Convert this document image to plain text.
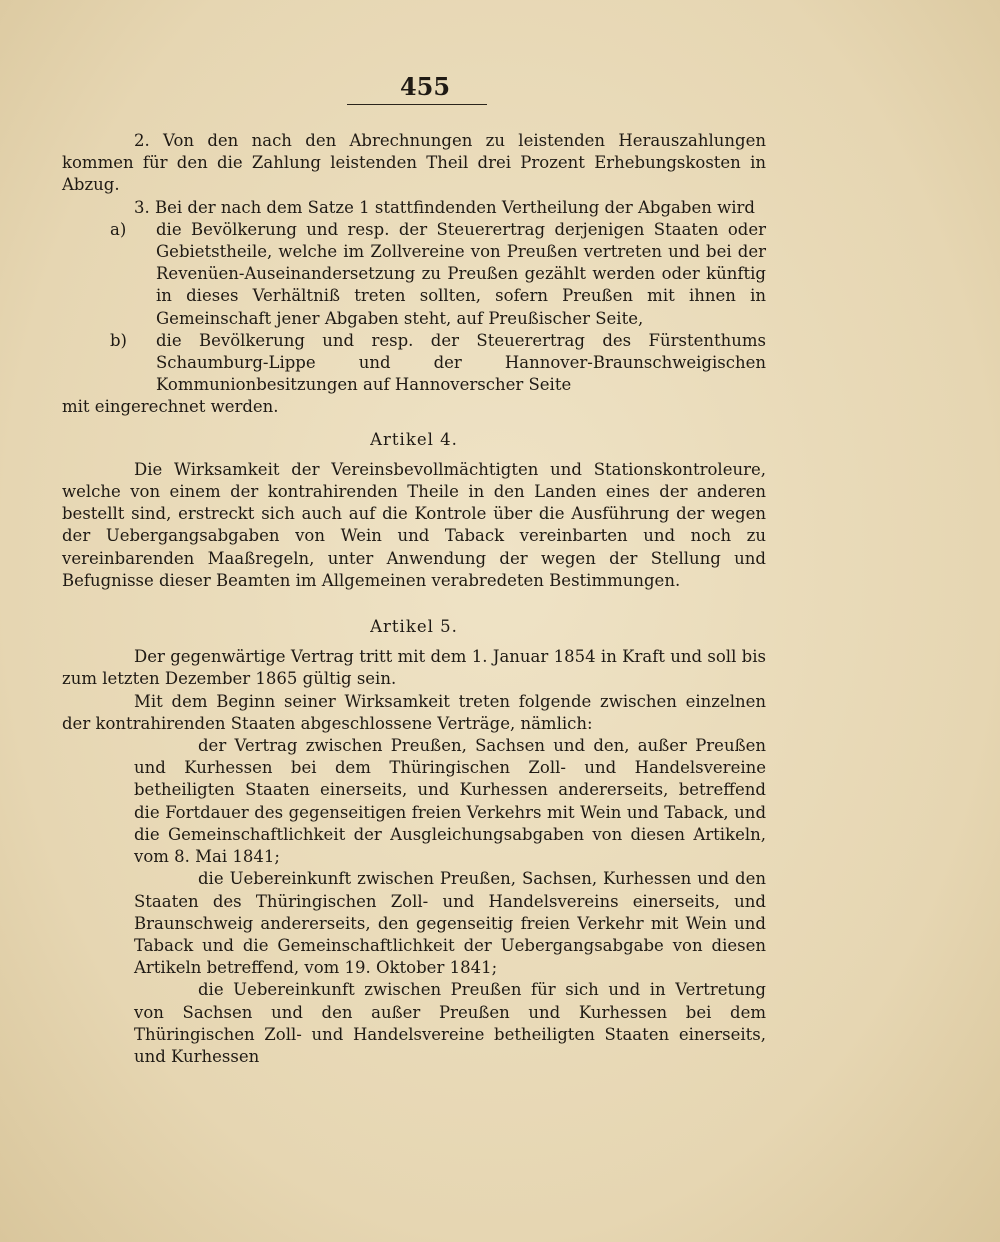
455

2. Von den nach den Abrechnungen zu leistenden Herauszahlungen kommen für den die Zahlung leistenden Theil drei Prozent Erhebungskosten in Abzug.

3. Bei der nach dem Satze 1 stattfindenden Vertheilung der Abgaben wird

a) die Bevölkerung und resp. der Steuerertrag derjenigen Staaten oder Gebietstheile, welche im Zollvereine von Preußen vertreten und bei der Revenüen-Auseinandersetzung zu Preußen gezählt werden oder künftig in dieses Verhältniß treten sollten, sofern Preußen mit ihnen in Gemeinschaft jener Abgaben steht, auf Preußischer Seite,

b) die Bevölkerung und resp. der Steuerertrag des Fürstenthums Schaumburg-Lippe und der Hannover-Braunschweigischen Kommunionbesitzungen auf Hannoverscher Seite

mit eingerechnet werden.

Artikel 4.

Die Wirksamkeit der Vereinsbevollmächtigten und Stationskontroleure, welche von einem der kontrahirenden Theile in den Landen eines der anderen bestellt sind, erstreckt sich auch auf die Kontrole über die Ausführung der wegen der Uebergangsabgaben von Wein und Taback vereinbarten und noch zu vereinbarenden Maaßregeln, unter Anwendung der wegen der Stellung und Befugnisse dieser Beamten im Allgemeinen verabredeten Bestimmungen.

Artikel 5.

Der gegenwärtige Vertrag tritt mit dem 1. Januar 1854 in Kraft und soll bis zum letzten Dezember 1865 gültig sein.

Mit dem Beginn seiner Wirksamkeit treten folgende zwischen einzelnen der kontrahirenden Staaten abgeschlossene Verträge, nämlich:

der Vertrag zwischen Preußen, Sachsen und den, außer Preußen und Kurhessen bei dem Thüringischen Zoll- und Handelsvereine betheiligten Staaten einerseits, und Kurhessen andererseits, betreffend die Fortdauer des gegenseitigen freien Verkehrs mit Wein und Taback, und die Gemeinschaftlichkeit der Ausgleichungsabgaben von diesen Artikeln, vom 8. Mai 1841;

die Uebereinkunft zwischen Preußen, Sachsen, Kurhessen und den Staaten des Thüringischen Zoll- und Handelsvereins einerseits, und Braunschweig andererseits, den gegenseitig freien Verkehr mit Wein und Taback und die Gemeinschaftlichkeit der Uebergangsabgabe von diesen Artikeln betreffend, vom 19. Oktober 1841;

die Uebereinkunft zwischen Preußen für sich und in Vertretung von Sachsen und den außer Preußen und Kurhessen bei dem Thüringischen Zoll- und Handelsvereine betheiligten Staaten einerseits, und Kurhessen
